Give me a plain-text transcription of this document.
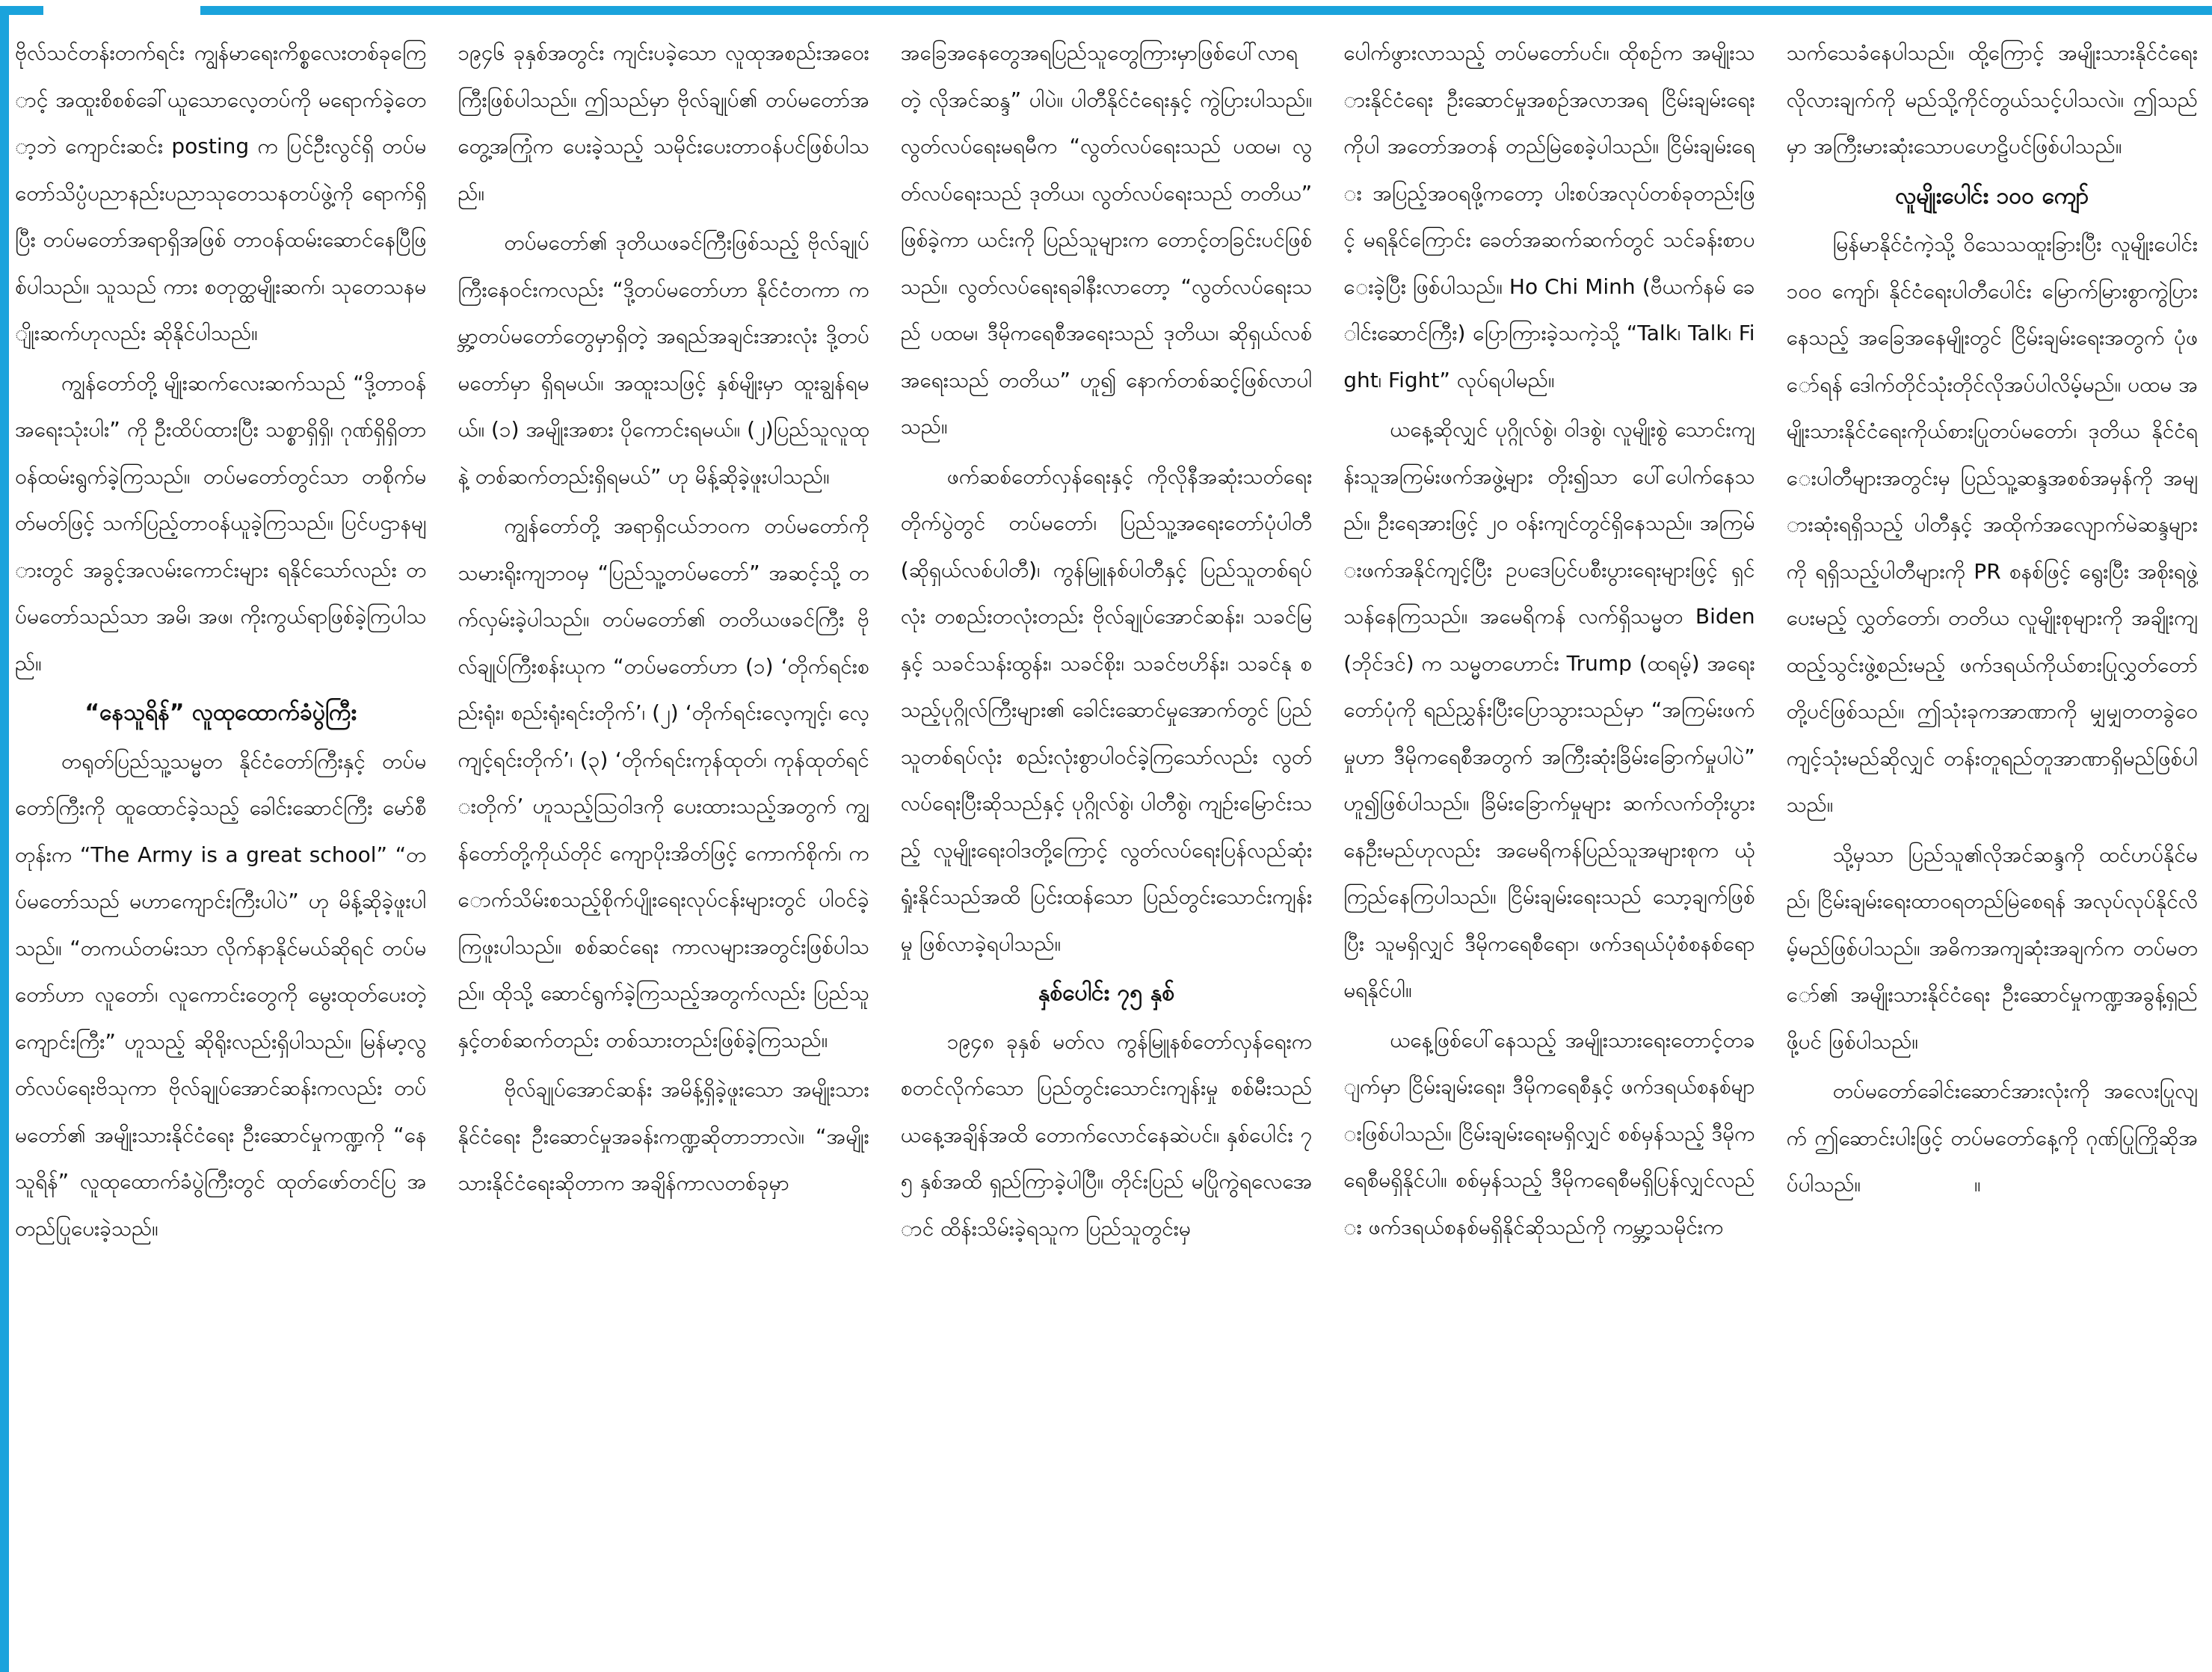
ဗိုလ်သင်တန်းတက်ရင်း ကျွန်မာရေးကိစ္စလေးတစ်ခုကြောင့် အထူးစိစစ်ခေါ်ယူသောလေ့တပ်ကို မရောက်ခဲ့တော့ဘဲ ကျောင်းဆင်း posting က ပြင်ဦးလွင်ရှိ တပ်မတော်သိပ္ပံပညာနည်းပညာသုတေသနတပ်ဖွဲ့ကို ရောက်ရှိပြီး တပ်မတော်အရာရှိအဖြစ် တာဝန်ထမ်းဆောင်နေပြီဖြစ်ပါသည်။ သူသည် ကား စတုတ္ထမျိုးဆက်၊ သုတေသနမျိုးဆက်ဟုလည်း ဆိုနိုင်ပါသည်။

ကျွန်တော်တို့ မျိုးဆက်လေးဆက်သည် “ဒို့တာဝန်အရေးသုံးပါး” ကို ဦးထိပ်ထားပြီး သစ္စာရှိရှိ၊ ဂုဏ်ရှိရှိတာဝန်ထမ်းရွက်ခဲ့ကြသည်။ တပ်မတော်တွင်သာ တစိုက်မတ်မတ်ဖြင့် သက်ပြည့်တာဝန်ယူခဲ့ကြသည်။ ပြင်ပဌာနများတွင် အခွင့်အလမ်းကောင်းများ ရနိုင်သော်လည်း တပ်မတော်သည်သာ အမိ၊ အဖ၊ ကိုးကွယ်ရာဖြစ်ခဲ့ကြပါသည်။

“နေသူရိန်” လူထုထောက်ခံပွဲကြီး

တရုတ်ပြည်သူ့သမ္မတ နိုင်ငံတော်ကြီးနှင့် တပ်မတော်ကြီးကို ထူထောင်ခဲ့သည့် ခေါင်းဆောင်ကြီး မော်စီတုန်းက “The Army is a great school” “တပ်မတော်သည် မဟာကျောင်းကြီးပါပဲ” ဟု မိန့်ဆိုခဲ့ဖူးပါသည်။ “တကယ်တမ်းသာ လိုက်နာနိုင်မယ်ဆိုရင် တပ်မတော်ဟာ လူတော်၊ လူကောင်းတွေကို မွေးထုတ်ပေးတဲ့ ကျောင်းကြီး” ဟူသည့် ဆိုရိုးလည်းရှိပါသည်။ မြန်မာ့လွတ်လပ်ရေးဗိသုကာ ဗိုလ်ချုပ်အောင်ဆန်းကလည်း တပ်မတော်၏ အမျိုးသားနိုင်ငံရေး ဦးဆောင်မှုကဏ္ဍကို “နေသူရိန်” လူထုထောက်ခံပွဲကြီးတွင် ထုတ်ဖော်တင်ပြ အတည်ပြုပေးခဲ့သည်။

၁၉၄၆ ခုနှစ်အတွင်း ကျင်းပခဲ့သော လူထုအစည်းအဝေးကြီးဖြစ်ပါသည်။ ဤသည်မှာ ဗိုလ်ချုပ်၏ တပ်မတော်အတွေ့အကြုံက ပေးခဲ့သည့် သမိုင်းပေးတာဝန်ပင်ဖြစ်ပါသည်။

တပ်မတော်၏ ဒုတိယဖခင်ကြီးဖြစ်သည့် ဗိုလ်ချုပ်ကြီးနေဝင်းကလည်း “ဒို့တပ်မတော်ဟာ နိုင်ငံတကာ ကမ္ဘာ့တပ်မတော်တွေမှာရှိတဲ့ အရည်အချင်းအားလုံး ဒို့တပ်မတော်မှာ ရှိရမယ်။ အထူးသဖြင့် နှစ်မျိုးမှာ ထူးချွန်ရမယ်။ (၁) အမျိုးအစား ပိုကောင်းရမယ်။ (၂)ပြည်သူလူထုနဲ့ တစ်ဆက်တည်းရှိရမယ်” ဟု မိန့်ဆိုခဲ့ဖူးပါသည်။

ကျွန်တော်တို့ အရာရှိငယ်ဘဝက တပ်မတော်ကို သမားရိုးကျဘဝမှ “ပြည်သူ့တပ်မတော်” အဆင့်သို့ တက်လှမ်းခဲ့ပါသည်။ တပ်မတော်၏ တတိယဖခင်ကြီး ဗိုလ်ချုပ်ကြီးစန်းယုက “တပ်မတော်ဟာ (၁) ‘တိုက်ရင်းစည်းရုံး၊ စည်းရုံးရင်းတိုက်’၊ (၂) ‘တိုက်ရင်းလေ့ကျင့်၊ လေ့ကျင့်ရင်းတိုက်’၊ (၃) ‘တိုက်ရင်းကုန်ထုတ်၊ ကုန်ထုတ်ရင်းတိုက်’ ဟူသည့်ဩဝါဒကို ပေးထားသည့်အတွက် ကျွန်တော်တို့ကိုယ်တိုင် ကျောပိုးအိတ်ဖြင့် ကောက်စိုက်၊ ကောက်သိမ်းစသည့်စိုက်ပျိုးရေးလုပ်ငန်းများတွင် ပါဝင်ခဲ့ကြဖူးပါသည်။ စစ်ဆင်ရေး ကာလများအတွင်းဖြစ်ပါသည်။ ထိုသို့ ဆောင်ရွက်ခဲ့ကြသည့်အတွက်လည်း ပြည်သူနှင့်တစ်ဆက်တည်း တစ်သားတည်းဖြစ်ခဲ့ကြသည်။

ဗိုလ်ချုပ်အောင်ဆန်း အမိန့်ရှိခဲ့ဖူးသော အမျိုးသားနိုင်ငံရေး ဦးဆောင်မှုအခန်းကဏ္ဍဆိုတာဘာလဲ။ “အမျိုးသားနိုင်ငံရေးဆိုတာက အချိန်ကာလတစ်ခုမှာ

အခြေအနေတွေအရပြည်သူတွေကြားမှာဖြစ်ပေါ်လာရတဲ့ လိုအင်ဆန္ဒ” ပါပဲ။ ပါတီနိုင်ငံရေးနှင့် ကွဲပြားပါသည်။ လွတ်လပ်ရေးမရမီက “လွတ်လပ်ရေးသည် ပထမ၊ လွတ်လပ်ရေးသည် ဒုတိယ၊ လွတ်လပ်ရေးသည် တတိယ” ဖြစ်ခဲ့ကာ ယင်းကို ပြည်သူများက တောင့်တခြင်းပင်ဖြစ်သည်။ လွတ်လပ်ရေးရခါနီးလာတော့ “လွတ်လပ်ရေးသည် ပထမ၊ ဒီမိုကရေစီအရေးသည် ဒုတိယ၊ ဆိုရှယ်လစ်အရေးသည် တတိယ” ဟူ၍ နောက်တစ်ဆင့်ဖြစ်လာပါသည်။

ဖက်ဆစ်တော်လှန်ရေးနှင့် ကိုလိုနီအဆုံးသတ်ရေးတိုက်ပွဲတွင် တပ်မတော်၊ ပြည်သူ့အရေးတော်ပုံပါတီ (ဆိုရှယ်လစ်ပါတီ)၊ ကွန်မြူနစ်ပါတီနှင့် ပြည်သူတစ်ရပ်လုံး တစည်းတလုံးတည်း ဗိုလ်ချုပ်အောင်ဆန်း၊ သခင်မြနှင့် သခင်သန်းထွန်း၊ သခင်စိုး၊ သခင်ဗဟိန်း၊ သခင်နု စသည့်ပုဂ္ဂိုလ်ကြီးများ၏ ခေါင်းဆောင်မှုအောက်တွင် ပြည်သူတစ်ရပ်လုံး စည်းလုံးစွာပါဝင်ခဲ့ကြသော်လည်း လွတ်လပ်ရေးပြီးဆိုသည်နှင့် ပုဂ္ဂိုလ်စွဲ၊ ပါတီစွဲ၊ ကျဉ်းမြောင်းသည့် လူမျိုးရေးဝါဒတို့ကြောင့် လွတ်လပ်ရေးပြန်လည်ဆုံးရှုံးနိုင်သည်အထိ ပြင်းထန်သော ပြည်တွင်းသောင်းကျန်းမှု ဖြစ်လာခဲ့ရပါသည်။

နှစ်ပေါင်း ၇၅ နှစ်

၁၉၄၈ ခုနှစ် မတ်လ ကွန်မြူနစ်တော်လှန်ရေးက စတင်လိုက်သော ပြည်တွင်းသောင်းကျန်းမှု စစ်မီးသည်ယနေ့အချိန်အထိ တောက်လောင်နေဆဲပင်။ နှစ်ပေါင်း ၇၅ နှစ်အထိ ရှည်ကြာခဲ့ပါပြီ။ တိုင်းပြည် မပြိုကွဲရလေအောင် ထိန်းသိမ်းခဲ့ရသူက ပြည်သူတွင်းမှ

ပေါက်ဖွားလာသည့် တပ်မတော်ပင်။ ထိုစဉ်က အမျိုးသားနိုင်ငံရေး ဦးဆောင်မှုအစဉ်အလာအရ ငြိမ်းချမ်းရေးကိုပါ အတော်အတန် တည်မြဲစေခဲ့ပါသည်။ ငြိမ်းချမ်းရေး အပြည့်အဝရဖို့ကတော့ ပါးစပ်အလုပ်တစ်ခုတည်းဖြင့် မရနိုင်ကြောင်း ခေတ်အဆက်ဆက်တွင် သင်ခန်းစာပေးခဲ့ပြီး ဖြစ်ပါသည်။ Ho Chi Minh (ဗီယက်နမ် ခေါင်းဆောင်ကြီး) ပြောကြားခဲ့သကဲ့သို့ “Talk၊ Talk၊ Fight၊ Fight” လုပ်ရပါမည်။

ယနေ့ဆိုလျှင် ပုဂ္ဂိုလ်စွဲ၊ ဝါဒစွဲ၊ လူမျိုးစွဲ သောင်းကျန်းသူအကြမ်းဖက်အဖွဲ့များ တိုး၍သာ ပေါ်ပေါက်နေသည်။ ဦးရေအားဖြင့် ၂၀ ဝန်းကျင်တွင်ရှိနေသည်။ အကြမ်းဖက်အနိုင်ကျင့်ပြီး ဥပဒေပြင်ပစီးပွားရေးများဖြင့် ရှင်သန်နေကြသည်။ အမေရိကန် လက်ရှိသမ္မတ Biden (ဘိုင်ဒင်) က သမ္မတဟောင်း Trump (ထရမ့်) အရေးတော်ပုံကို ရည်ညွှန်းပြီးပြောသွားသည်မှာ “အကြမ်းဖက်မှုဟာ ဒီမိုကရေစီအတွက် အကြီးဆုံးခြိမ်းခြောက်မှုပါပဲ” ဟူ၍ဖြစ်ပါသည်။ ခြိမ်းခြောက်မှုများ ဆက်လက်တိုးပွားနေဦးမည်ဟုလည်း အမေရိကန်ပြည်သူအများစုက ယုံကြည်နေကြပါသည်။ ငြိမ်းချမ်းရေးသည် သော့ချက်ဖြစ်ပြီး သူမရှိလျှင် ဒီမိုကရေစီရော၊ ဖက်ဒရယ်ပုံစံစနစ်ရော မရနိုင်ပါ။

ယနေ့ဖြစ်ပေါ်နေသည့် အမျိုးသားရေးတောင့်တချက်မှာ ငြိမ်းချမ်းရေး၊ ဒီမိုကရေစီနှင့် ဖက်ဒရယ်စနစ်များဖြစ်ပါသည်။ ငြိမ်းချမ်းရေးမရှိလျှင် စစ်မှန်သည့် ဒီမိုကရေစီမရှိနိုင်ပါ။ စစ်မှန်သည့် ဒီမိုကရေစီမရှိပြန်လျှင်လည်း ဖက်ဒရယ်စနစ်မရှိနိုင်ဆိုသည်ကို ကမ္ဘာ့သမိုင်းက

သက်သေခံနေပါသည်။ ထို့ကြောင့် အမျိုးသားနိုင်ငံရေး လိုလားချက်ကို မည်သို့ကိုင်တွယ်သင့်ပါသလဲ။ ဤသည်မှာ အကြီးမားဆုံးသောပဟေဠိပင်ဖြစ်ပါသည်။

လူမျိုးပေါင်း ၁၀၀ ကျော်

မြန်မာနိုင်ငံကဲ့သို့ ဝိသေသထူးခြားပြီး လူမျိုးပေါင်း ၁၀၀ ကျော်၊ နိုင်ငံရေးပါတီပေါင်း မြောက်မြားစွာကွဲပြားနေသည့် အခြေအနေမျိုးတွင် ငြိမ်းချမ်းရေးအတွက် ပုံဖော်ရန် ဒေါက်တိုင်သုံးတိုင်လိုအပ်ပါလိမ့်မည်။ ပထမ အမျိုးသားနိုင်ငံရေးကိုယ်စားပြုတပ်မတော်၊ ဒုတိယ နိုင်ငံရေးပါတီများအတွင်းမှ ပြည်သူ့ဆန္ဒအစစ်အမှန်ကို အများဆုံးရရှိသည့် ပါတီနှင့် အထိုက်အလျောက်မဲဆန္ဒများကို ရရှိသည့်ပါတီများကို PR စနစ်ဖြင့် ရွေးပြီး အစိုးရဖွဲ့ပေးမည့် လွှတ်တော်၊ တတိယ လူမျိုးစုများကို အချိုးကျထည့်သွင်းဖွဲ့စည်းမည့် ဖက်ဒရယ်ကိုယ်စားပြုလွှတ်တော်တို့ပင်ဖြစ်သည်။ ဤသုံးခုကအာဏာကို မျှမျှတတခွဲဝေကျင့်သုံးမည်ဆိုလျှင် တန်းတူရည်တူအာဏာရှိမည်ဖြစ်ပါသည်။

သို့မှသာ ပြည်သူ၏လိုအင်ဆန္ဒကို ထင်ဟပ်နိုင်မည်၊ ငြိမ်းချမ်းရေးထာဝရတည်မြဲစေရန် အလုပ်လုပ်နိုင်လိမ့်မည်ဖြစ်ပါသည်။ အဓိကအကျဆုံးအချက်က တပ်မတော်၏ အမျိုးသားနိုင်ငံရေး ဦးဆောင်မှုကဏ္ဍအခွန့်ရှည်ဖို့ပင် ဖြစ်ပါသည်။

တပ်မတော်ခေါင်းဆောင်အားလုံးကို အလေးပြုလျက် ဤဆောင်းပါးဖြင့် တပ်မတော်နေ့ကို ဂုဏ်ပြုကြိုဆိုအပ်ပါသည်။	။
